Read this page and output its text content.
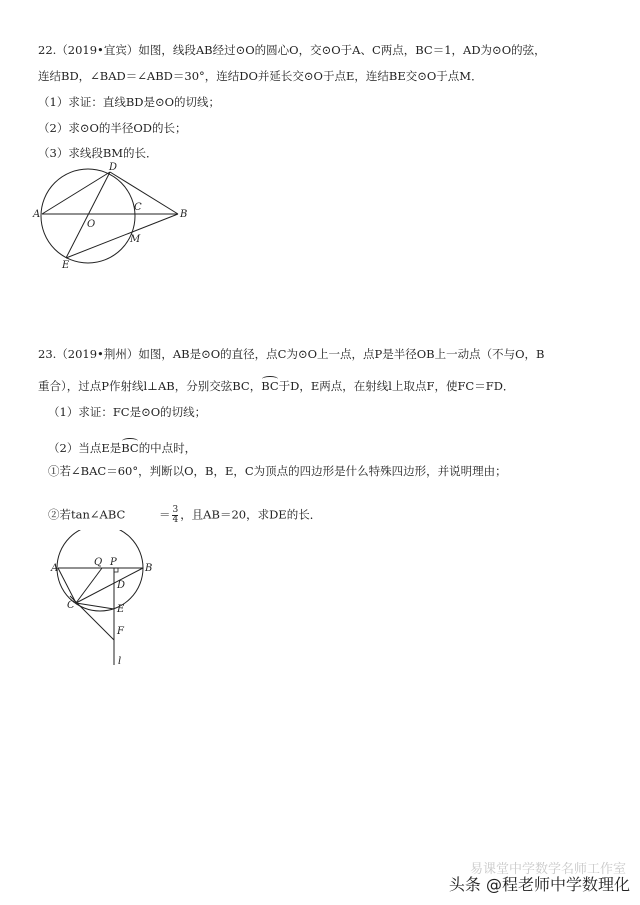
22.（2019•宜宾）如图，线段AB经过⊙O的圆心O，交⊙O于A、C两点，BC＝1，AD为⊙O的弦，
连结BD，∠BAD＝∠ABD＝30°，连结DO并延长交⊙O于点E，连结BE交⊙O于点M．
（1）求证：直线BD是⊙O的切线；
（2）求⊙O的半径OD的长；
（3）求线段BM的长．
D
A
O
C
B
M
E
23.（2019•荆州）如图，AB是⊙O的直径，点C为⊙O上一点，点P是半径OB上一动点（不与O，B
重合），过点P作射线l⊥AB，分别交弦BC，BC于D，E两点，在射线l上取点F，使FC＝FD．
（1）求证：FC是⊙O的切线；
（2）当点E是BC的中点时，
①若∠BAC＝60°，判断以O，B，E，C为顶点的四边形是什么特殊四边形，并说明理由；
②若tan∠ABC	＝ $\frac{3}{4}$ ，且AB＝20，求DE的长．
A
Q P
B
D
C	E
F
l
易课堂中学数学名师工作室
头条 @程老师中学数理化
